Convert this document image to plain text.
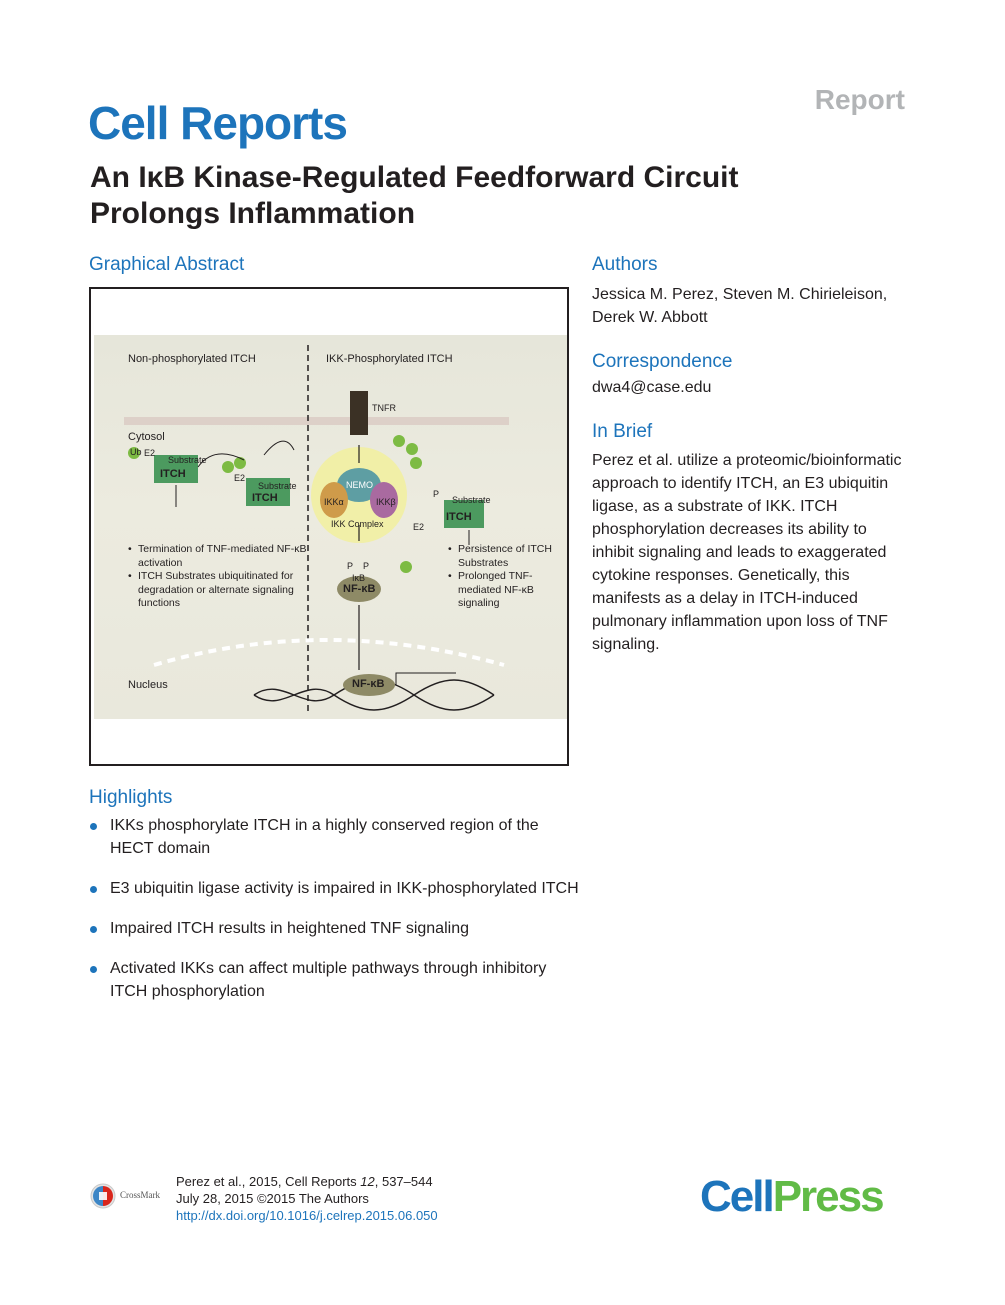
Cell Reports	Report
An IκB Kinase-Regulated Feedforward Circuit Prolongs Inflammation
Graphical Abstract
Non-phosphorylated ITCH	IKK-Phosphorylated ITCH
TNFR
Cytosol
Nucleus
Ub E2
Substrate
ITCH	E2
Substrate
ITCH
NEMO
IKKα	IKKβ
IKK Complex
P
Substrate
ITCH
E2
P P
IκB
NF-κB
NF-κB
• Termination of TNF-mediated NF-κB activation
• ITCH Substrates ubiquitinated for degradation or alternate signaling functions
• Persistence of ITCH Substrates
• Prolonged TNF-mediated NF-κB signaling
Highlights
IKKs phosphorylate ITCH in a highly conserved region of the HECT domain
E3 ubiquitin ligase activity is impaired in IKK-phosphorylated ITCH
Impaired ITCH results in heightened TNF signaling
Activated IKKs can affect multiple pathways through inhibitory ITCH phosphorylation
Authors
Jessica M. Perez, Steven M. Chirieleison, Derek W. Abbott
Correspondence
dwa4@case.edu
In Brief
Perez et al. utilize a proteomic/bioinformatic approach to identify ITCH, an E3 ubiquitin ligase, as a substrate of IKK. ITCH phosphorylation decreases its ability to inhibit signaling and leads to exaggerated cytokine responses. Genetically, this manifests as a delay in ITCH-induced pulmonary inflammation upon loss of TNF signaling.
CrossMark
Perez et al., 2015, Cell Reports 12, 537–544
July 28, 2015 ©2015 The Authors
http://dx.doi.org/10.1016/j.celrep.2015.06.050	CellPress
